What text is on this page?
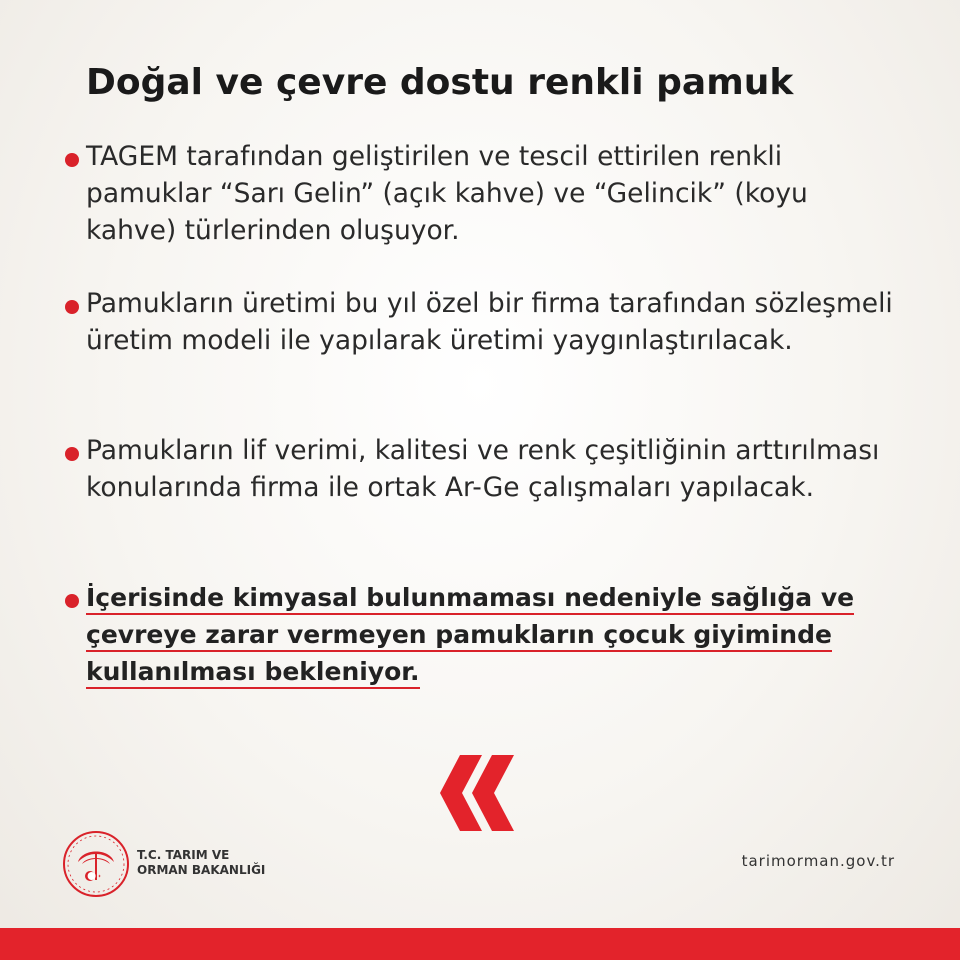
Doğal ve çevre dostu renkli pamuk
TAGEM tarafından geliştirilen ve tescil ettirilen renkli pamuklar “Sarı Gelin” (açık kahve) ve “Gelincik” (koyu kahve) türlerinden oluşuyor.
Pamukların üretimi bu yıl özel bir firma tarafından sözleşmeli üretim modeli ile yapılarak üretimi yaygınlaştırılacak.
Pamukların lif verimi, kalitesi ve renk çeşitliğinin arttırılması konularında firma ile ortak Ar-Ge çalışmaları yapılacak.
İçerisinde kimyasal bulunmaması nedeniyle sağlığa ve çevreye zarar vermeyen pamukların çocuk giyiminde kullanılması bekleniyor.
T.C. TARIM VE
ORMAN BAKANLIĞI	tarimorman.gov.tr
